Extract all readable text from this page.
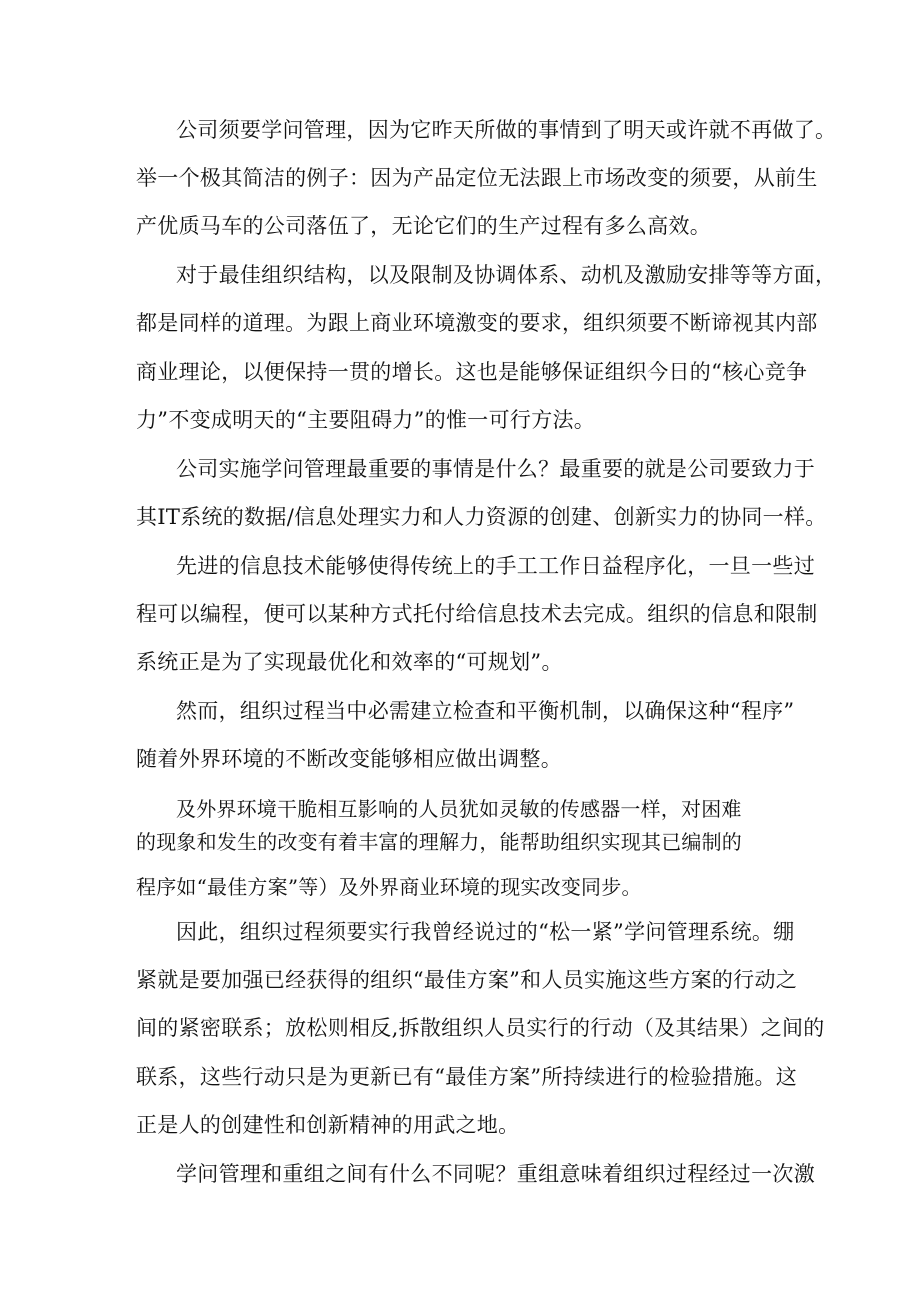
公司须要学问管理，因为它昨天所做的事情到了明天或许就不再做了。
举一个极其简洁的例子：因为产品定位无法跟上市场改变的须要，从前生
产优质马车的公司落伍了，无论它们的生产过程有多么高效。
对于最佳组织结构，以及限制及协调体系、动机及激励安排等等方面，
都是同样的道理。为跟上商业环境激变的要求，组织须要不断谛视其内部
商业理论，以便保持一贯的增长。这也是能够保证组织今日的“核心竞争
力”不变成明天的“主要阻碍力”的惟一可行方法。
公司实施学问管理最重要的事情是什么？最重要的就是公司要致力于
其IT系统的数据/信息处理实力和人力资源的创建、创新实力的协同一样。
先进的信息技术能够使得传统上的手工工作日益程序化，一旦一些过
程可以编程，便可以某种方式托付给信息技术去完成。组织的信息和限制
系统正是为了实现最优化和效率的“可规划”。
然而，组织过程当中必需建立检查和平衡机制，以确保这种“程序”
随着外界环境的不断改变能够相应做出调整。
及外界环境干脆相互影响的人员犹如灵敏的传感器一样，对困难
的现象和发生的改变有着丰富的理解力，能帮助组织实现其已编制的
程序如“最佳方案”等）及外界商业环境的现实改变同步。
因此，组织过程须要实行我曾经说过的“松一紧”学问管理系统。绷
紧就是要加强已经获得的组织“最佳方案”和人员实施这些方案的行动之
间的紧密联系；放松则相反,拆散组织人员实行的行动（及其结果）之间的
联系，这些行动只是为更新已有“最佳方案”所持续进行的检验措施。这
正是人的创建性和创新精神的用武之地。
学问管理和重组之间有什么不同呢？重组意味着组织过程经过一次激
